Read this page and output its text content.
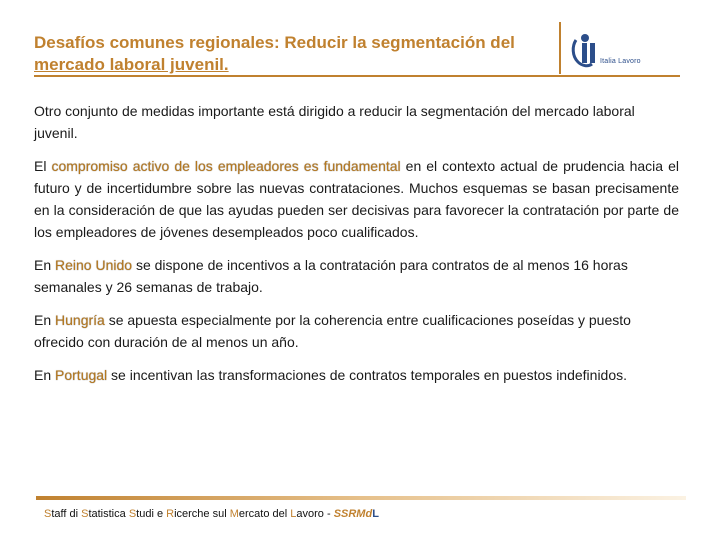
Desafíos comunes regionales: Reducir la segmentación del
mercado laboral juvenil.	Italia Lavoro

Otro conjunto de medidas importante está dirigido a reducir la segmentación del mercado laboral juvenil.

El compromiso activo de los empleadores es fundamental en el contexto actual de prudencia hacia el futuro y de incertidumbre sobre las nuevas contrataciones. Muchos esquemas se basan precisamente en la consideración de que las ayudas pueden ser decisivas para favorecer la contratación por parte de los empleadores de jóvenes desempleados poco cualificados.

En Reino Unido se dispone de incentivos a la contratación para contratos de al menos 16 horas semanales y 26 semanas de trabajo.

En Hungría se apuesta especialmente por la coherencia entre cualificaciones poseídas y puesto ofrecido con duración de al menos un año.

En Portugal se incentivan las transformaciones de contratos temporales en puestos indefinidos.

Staff di Statistica Studi e Ricerche sul Mercato del Lavoro - SSRMdL
